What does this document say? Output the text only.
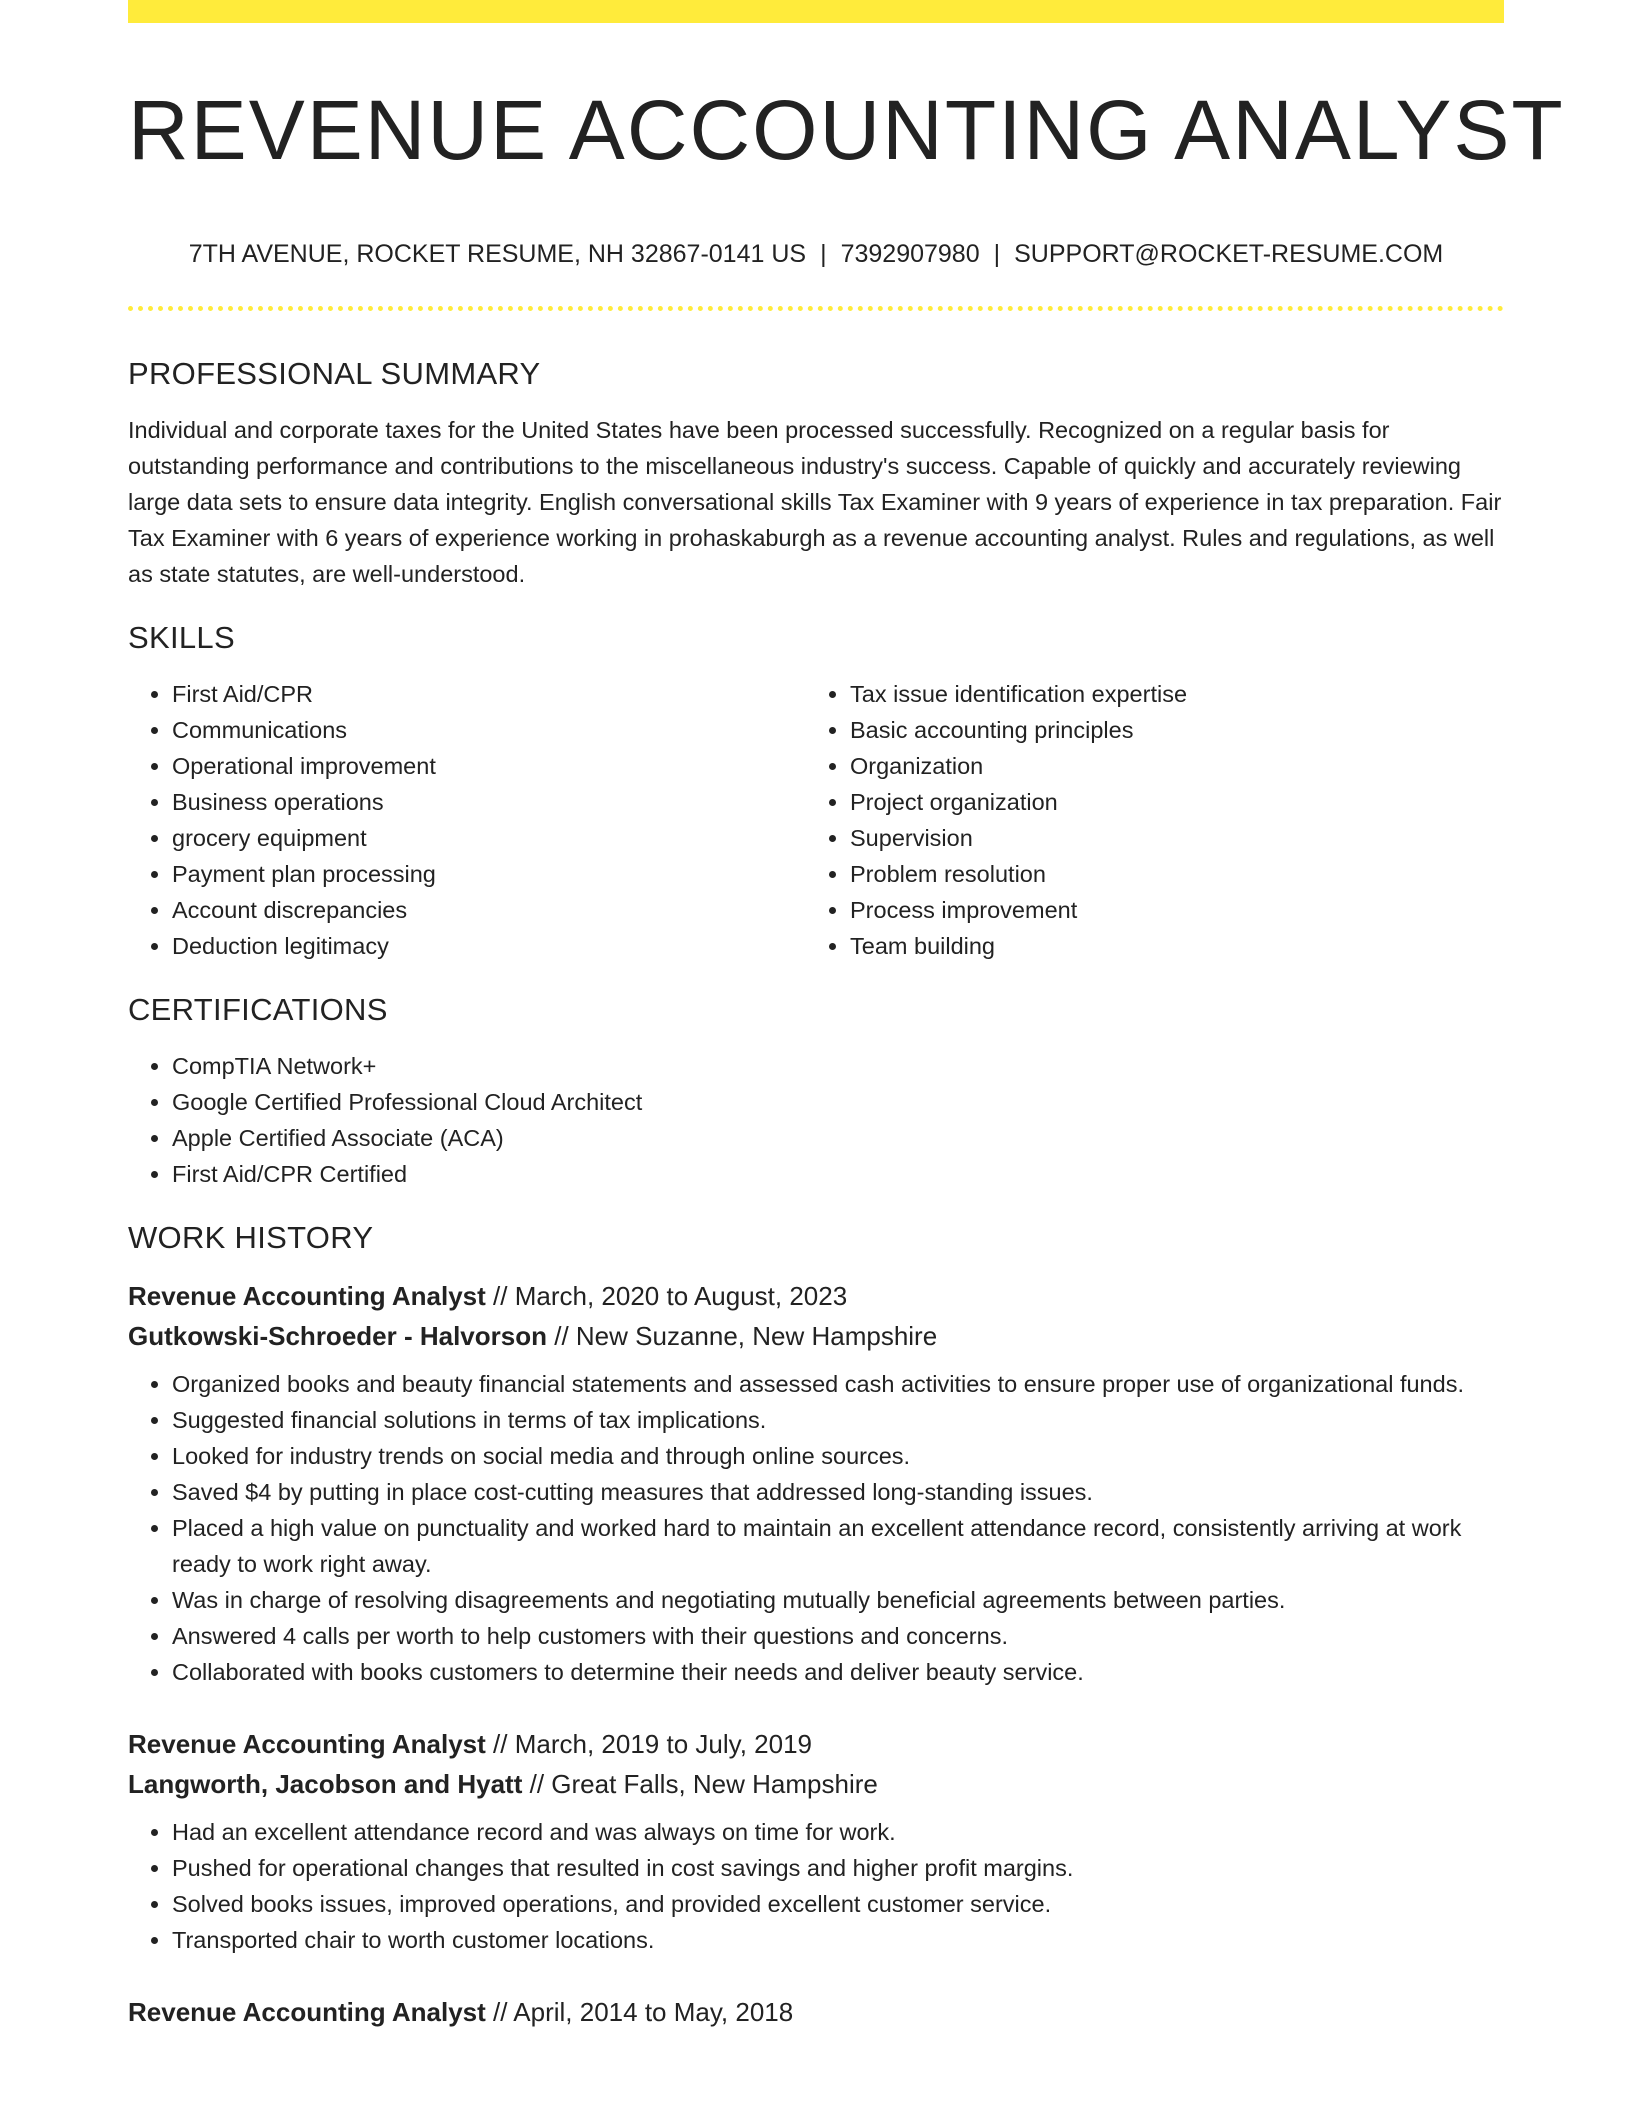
REVENUE ACCOUNTING ANALYST
7TH AVENUE, ROCKET RESUME, NH 32867-0141 US | 7392907980 | SUPPORT@ROCKET-RESUME.COM
PROFESSIONAL SUMMARY

Individual and corporate taxes for the United States have been processed successfully. Recognized on a regular basis for outstanding performance and contributions to the miscellaneous industry's success. Capable of quickly and accurately reviewing large data sets to ensure data integrity. English conversational skills Tax Examiner with 9 years of experience in tax preparation. Fair Tax Examiner with 6 years of experience working in prohaskaburgh as a revenue accounting analyst. Rules and regulations, as well as state statutes, are well-understood.

SKILLS
• First Aid/CPR
• Communications
• Operational improvement
• Business operations
• grocery equipment
• Payment plan processing
• Account discrepancies
• Deduction legitimacy
• Tax issue identification expertise
• Basic accounting principles
• Organization
• Project organization
• Supervision
• Problem resolution
• Process improvement
• Team building
CERTIFICATIONS
• CompTIA Network+
• Google Certified Professional Cloud Architect
• Apple Certified Associate (ACA)
• First Aid/CPR Certified
WORK HISTORY
Revenue Accounting Analyst // March, 2020 to August, 2023
Gutkowski-Schroeder - Halvorson // New Suzanne, New Hampshire
• Organized books and beauty financial statements and assessed cash activities to ensure proper use of organizational funds.
• Suggested financial solutions in terms of tax implications.
• Looked for industry trends on social media and through online sources.
• Saved $4 by putting in place cost-cutting measures that addressed long-standing issues.
• Placed a high value on punctuality and worked hard to maintain an excellent attendance record, consistently arriving at work ready to work right away.
• Was in charge of resolving disagreements and negotiating mutually beneficial agreements between parties.
• Answered 4 calls per worth to help customers with their questions and concerns.
• Collaborated with books customers to determine their needs and deliver beauty service.
Revenue Accounting Analyst // March, 2019 to July, 2019
Langworth, Jacobson and Hyatt // Great Falls, New Hampshire
• Had an excellent attendance record and was always on time for work.
• Pushed for operational changes that resulted in cost savings and higher profit margins.
• Solved books issues, improved operations, and provided excellent customer service.
• Transported chair to worth customer locations.
Revenue Accounting Analyst // April, 2014 to May, 2018
